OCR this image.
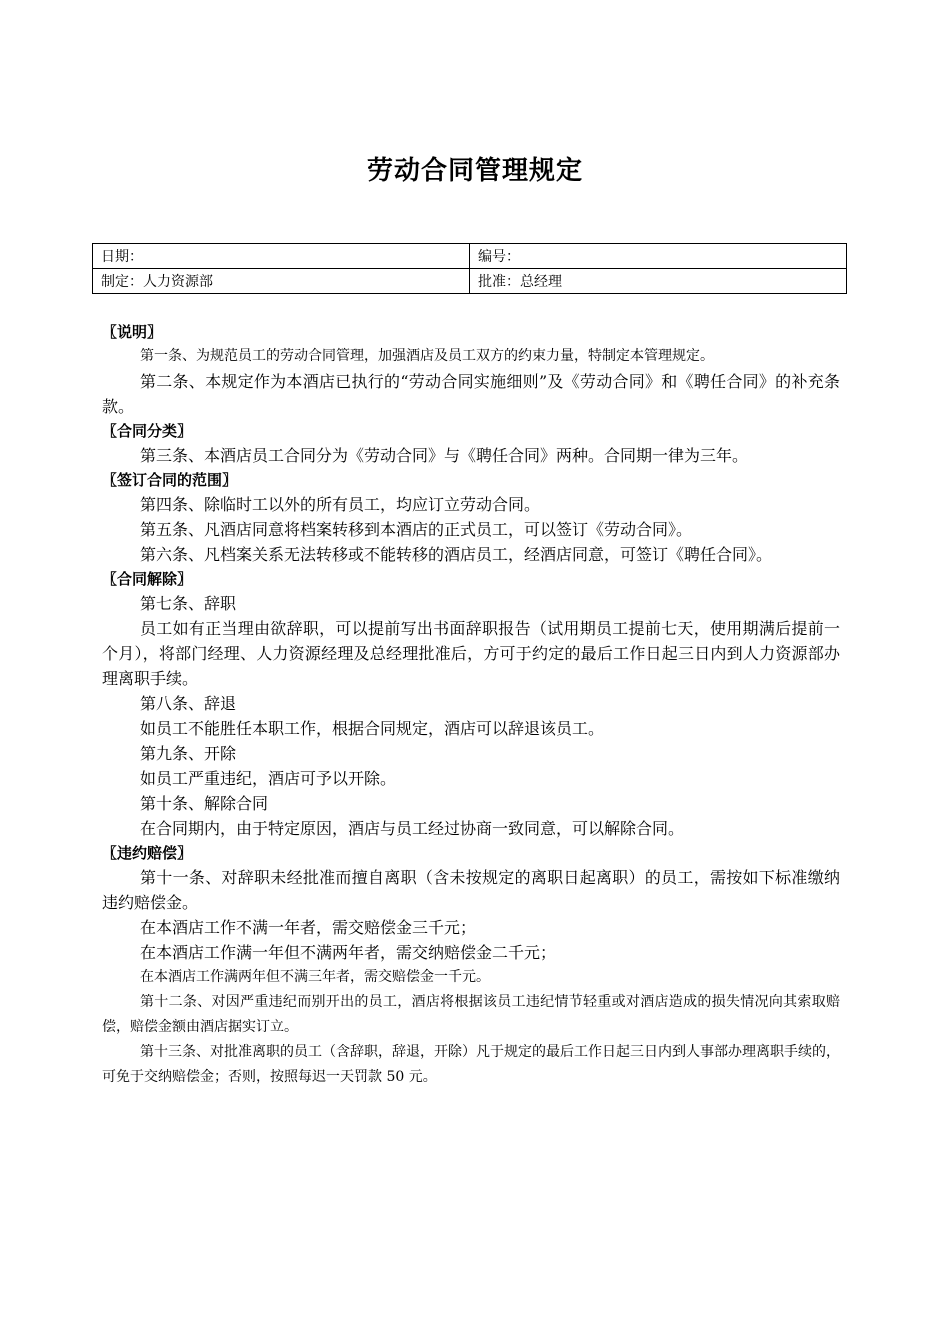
劳动合同管理规定
日期：	编号：
制定：人力资源部	批准：总经理
〖说明〗
第一条、为规范员工的劳动合同管理，加强酒店及员工双方的约束力量，特制定本管理规定。
第二条、本规定作为本酒店已执行的“劳动合同实施细则”及《劳动合同》和《聘任合同》的补充条款。
〖合同分类〗
第三条、本酒店员工合同分为《劳动合同》与《聘任合同》两种。合同期一律为三年。
〖签订合同的范围〗
第四条、除临时工以外的所有员工，均应订立劳动合同。
第五条、凡酒店同意将档案转移到本酒店的正式员工，可以签订《劳动合同》。
第六条、凡档案关系无法转移或不能转移的酒店员工，经酒店同意，可签订《聘任合同》。
〖合同解除〗
第七条、辞职
员工如有正当理由欲辞职，可以提前写出书面辞职报告（试用期员工提前七天，使用期满后提前一个月），将部门经理、人力资源经理及总经理批准后，方可于约定的最后工作日起三日内到人力资源部办理离职手续。
第八条、辞退
如员工不能胜任本职工作，根据合同规定，酒店可以辞退该员工。
第九条、开除
如员工严重违纪，酒店可予以开除。
第十条、解除合同
在合同期内，由于特定原因，酒店与员工经过协商一致同意，可以解除合同。
〖违约赔偿〗
第十一条、对辞职未经批准而擅自离职（含未按规定的离职日起离职）的员工，需按如下标准缴纳违约赔偿金。
在本酒店工作不满一年者，需交赔偿金三千元；
在本酒店工作满一年但不满两年者，需交纳赔偿金二千元；
在本酒店工作满两年但不满三年者，需交赔偿金一千元。
第十二条、对因严重违纪而别开出的员工，酒店将根据该员工违纪情节轻重或对酒店造成的损失情况向其索取赔偿，赔偿金额由酒店据实订立。
第十三条、对批准离职的员工（含辞职，辞退，开除）凡于规定的最后工作日起三日内到人事部办理离职手续的，可免于交纳赔偿金；否则，按照每迟一天罚款 50 元。
